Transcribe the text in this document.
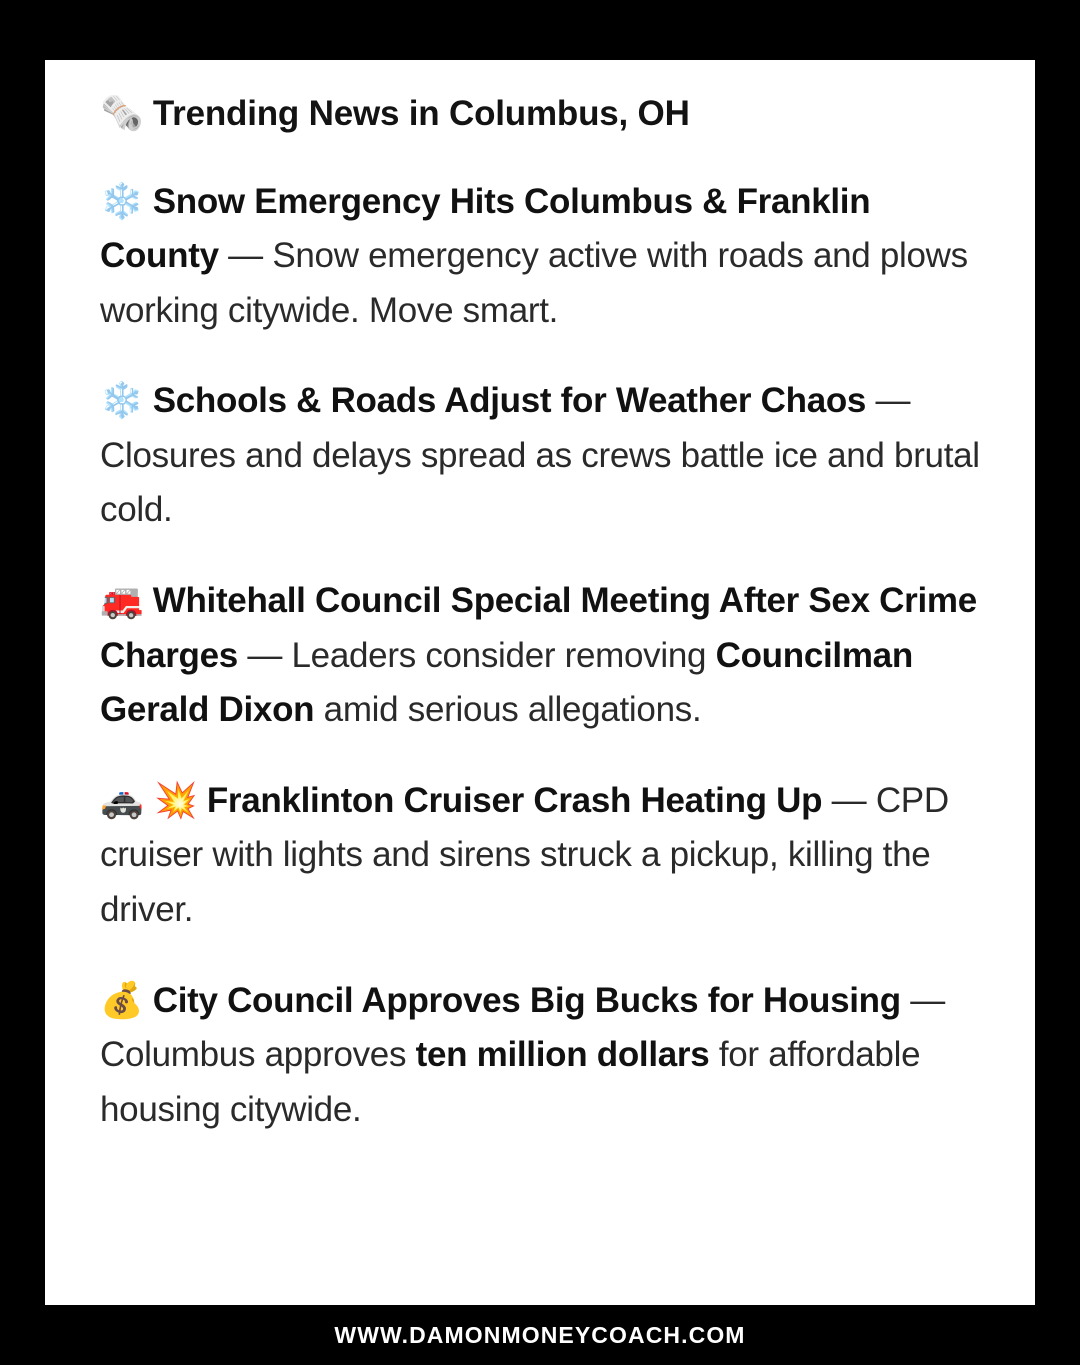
🗞️ Trending News in Columbus, OH

❄️ Snow Emergency Hits Columbus & Franklin County — Snow emergency active with roads and plows working citywide. Move smart.

❄️ Schools & Roads Adjust for Weather Chaos — Closures and delays spread as crews battle ice and brutal cold.

🚒 Whitehall Council Special Meeting After Sex Crime Charges — Leaders consider removing Councilman Gerald Dixon amid serious allegations.

🚓 💥 Franklinton Cruiser Crash Heating Up — CPD cruiser with lights and sirens struck a pickup, killing the driver.

💰 City Council Approves Big Bucks for Housing — Columbus approves ten million dollars for affordable housing citywide.

WWW.DAMONMONEYCOACH.COM
